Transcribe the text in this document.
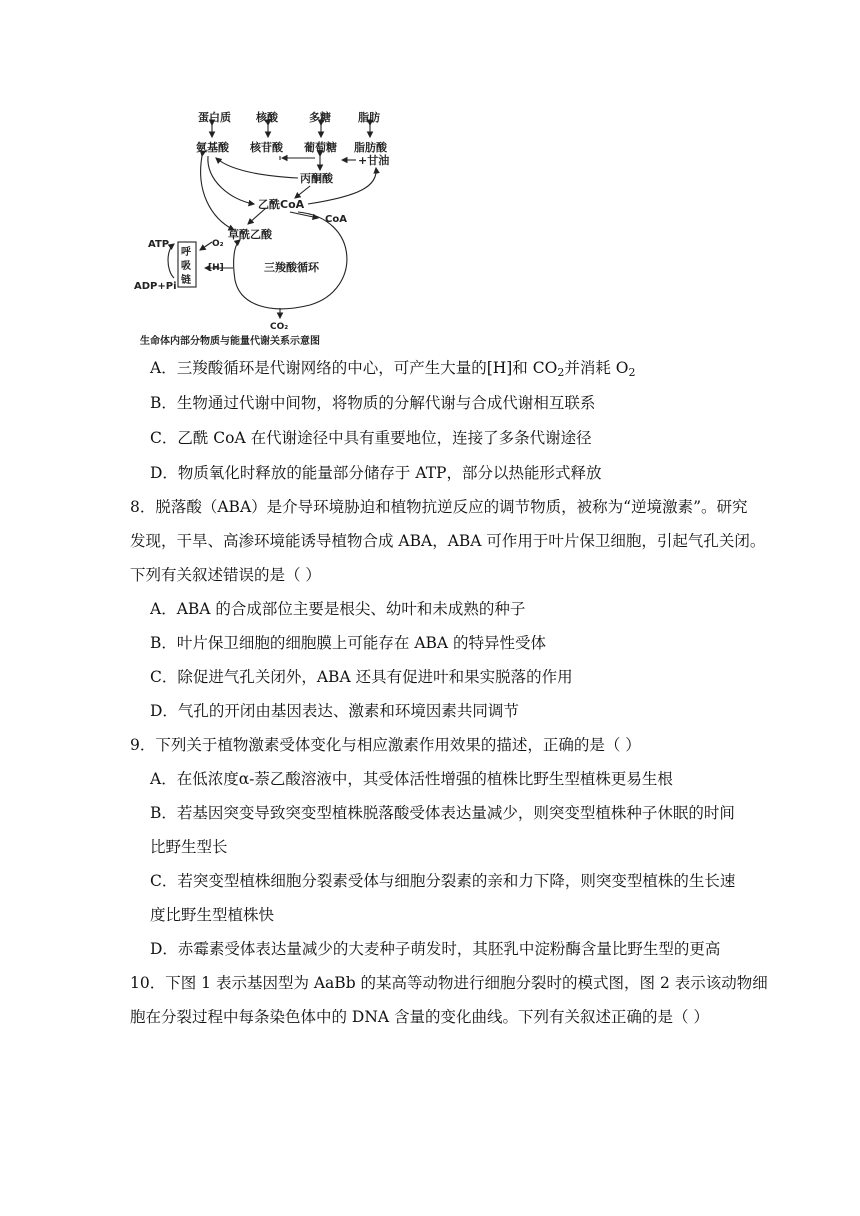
蛋白质 核酸	多糖 脂肪
氨基酸 核苷酸 葡萄糖 脂肪酸
+甘油
丙酮酸
乙酰CoA
CoA
草酰乙酸
呼
吸
链
ATP	O₂
[H]
ADP+Pi
三羧酸循环
CO₂
生命体内部分物质与能量代谢关系示意图
A．三羧酸循环是代谢网络的中心，可产生大量的[H]和 $CO_2$并消耗 $O_2$
B．生物通过代谢中间物，将物质的分解代谢与合成代谢相互联系
C．乙酰 CoA 在代谢途径中具有重要地位，连接了多条代谢途径
D．物质氧化时释放的能量部分储存于 ATP，部分以热能形式释放
8．脱落酸（ABA）是介导环境胁迫和植物抗逆反应的调节物质，被称为“逆境激素”。研究
发现，干旱、高渗环境能诱导植物合成 ABA，ABA 可作用于叶片保卫细胞，引起气孔关闭。
下列有关叙述错误的是（ ）
A．ABA 的合成部位主要是根尖、幼叶和未成熟的种子
B．叶片保卫细胞的细胞膜上可能存在 ABA 的特异性受体
C．除促进气孔关闭外，ABA 还具有促进叶和果实脱落的作用
D．气孔的开闭由基因表达、激素和环境因素共同调节
9．下列关于植物激素受体变化与相应激素作用效果的描述，正确的是（ ）
A．在低浓度α-萘乙酸溶液中，其受体活性增强的植株比野生型植株更易生根
B．若基因突变导致突变型植株脱落酸受体表达量减少，则突变型植株种子休眠的时间
比野生型长
C．若突变型植株细胞分裂素受体与细胞分裂素的亲和力下降，则突变型植株的生长速
度比野生型植株快
D．赤霉素受体表达量减少的大麦种子萌发时，其胚乳中淀粉酶含量比野生型的更高
10．下图 1 表示基因型为 AaBb 的某高等动物进行细胞分裂时的模式图，图 2 表示该动物细
胞在分裂过程中每条染色体中的 DNA 含量的变化曲线。下列有关叙述正确的是（ ）
